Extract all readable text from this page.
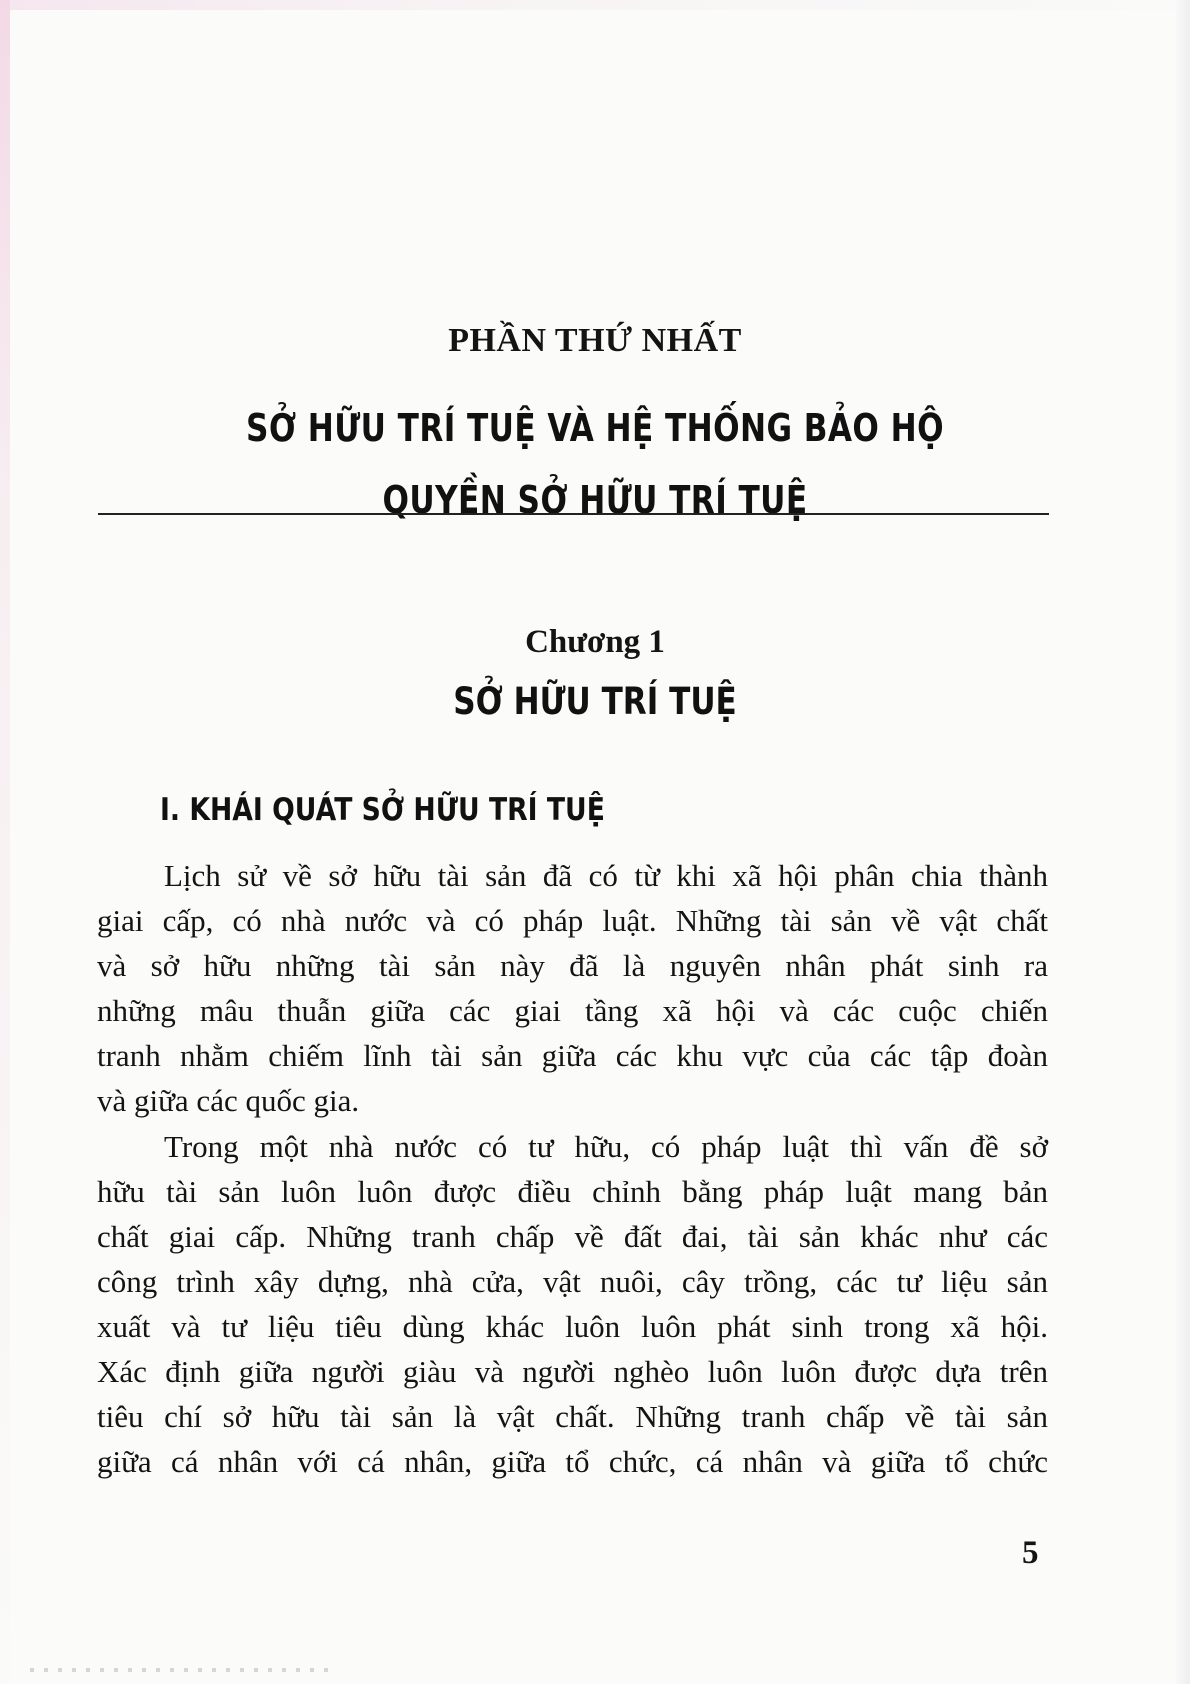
PHẦN THỨ NHẤT
SỞ HỮU TRÍ TUỆ VÀ HỆ THỐNG BẢO HỘ
QUYỀN SỞ HỮU TRÍ TUỆ
Chương 1
SỞ HỮU TRÍ TUỆ
I. KHÁI QUÁT SỞ HỮU TRÍ TUỆ
Lịch sử về sở hữu tài sản đã có từ khi xã hội phân chia thành
giai cấp, có nhà nước và có pháp luật. Những tài sản về vật chất
và sở hữu những tài sản này đã là nguyên nhân phát sinh ra
những mâu thuẫn giữa các giai tầng xã hội và các cuộc chiến
tranh nhằm chiếm lĩnh tài sản giữa các khu vực của các tập đoàn
và giữa các quốc gia.
Trong một nhà nước có tư hữu, có pháp luật thì vấn đề sở
hữu tài sản luôn luôn được điều chỉnh bằng pháp luật mang bản
chất giai cấp. Những tranh chấp về đất đai, tài sản khác như các
công trình xây dựng, nhà cửa, vật nuôi, cây trồng, các tư liệu sản
xuất và tư liệu tiêu dùng khác luôn luôn phát sinh trong xã hội.
Xác định giữa người giàu và người nghèo luôn luôn được dựa trên
tiêu chí sở hữu tài sản là vật chất. Những tranh chấp về tài sản
giữa cá nhân với cá nhân, giữa tổ chức, cá nhân và giữa tổ chức
5
